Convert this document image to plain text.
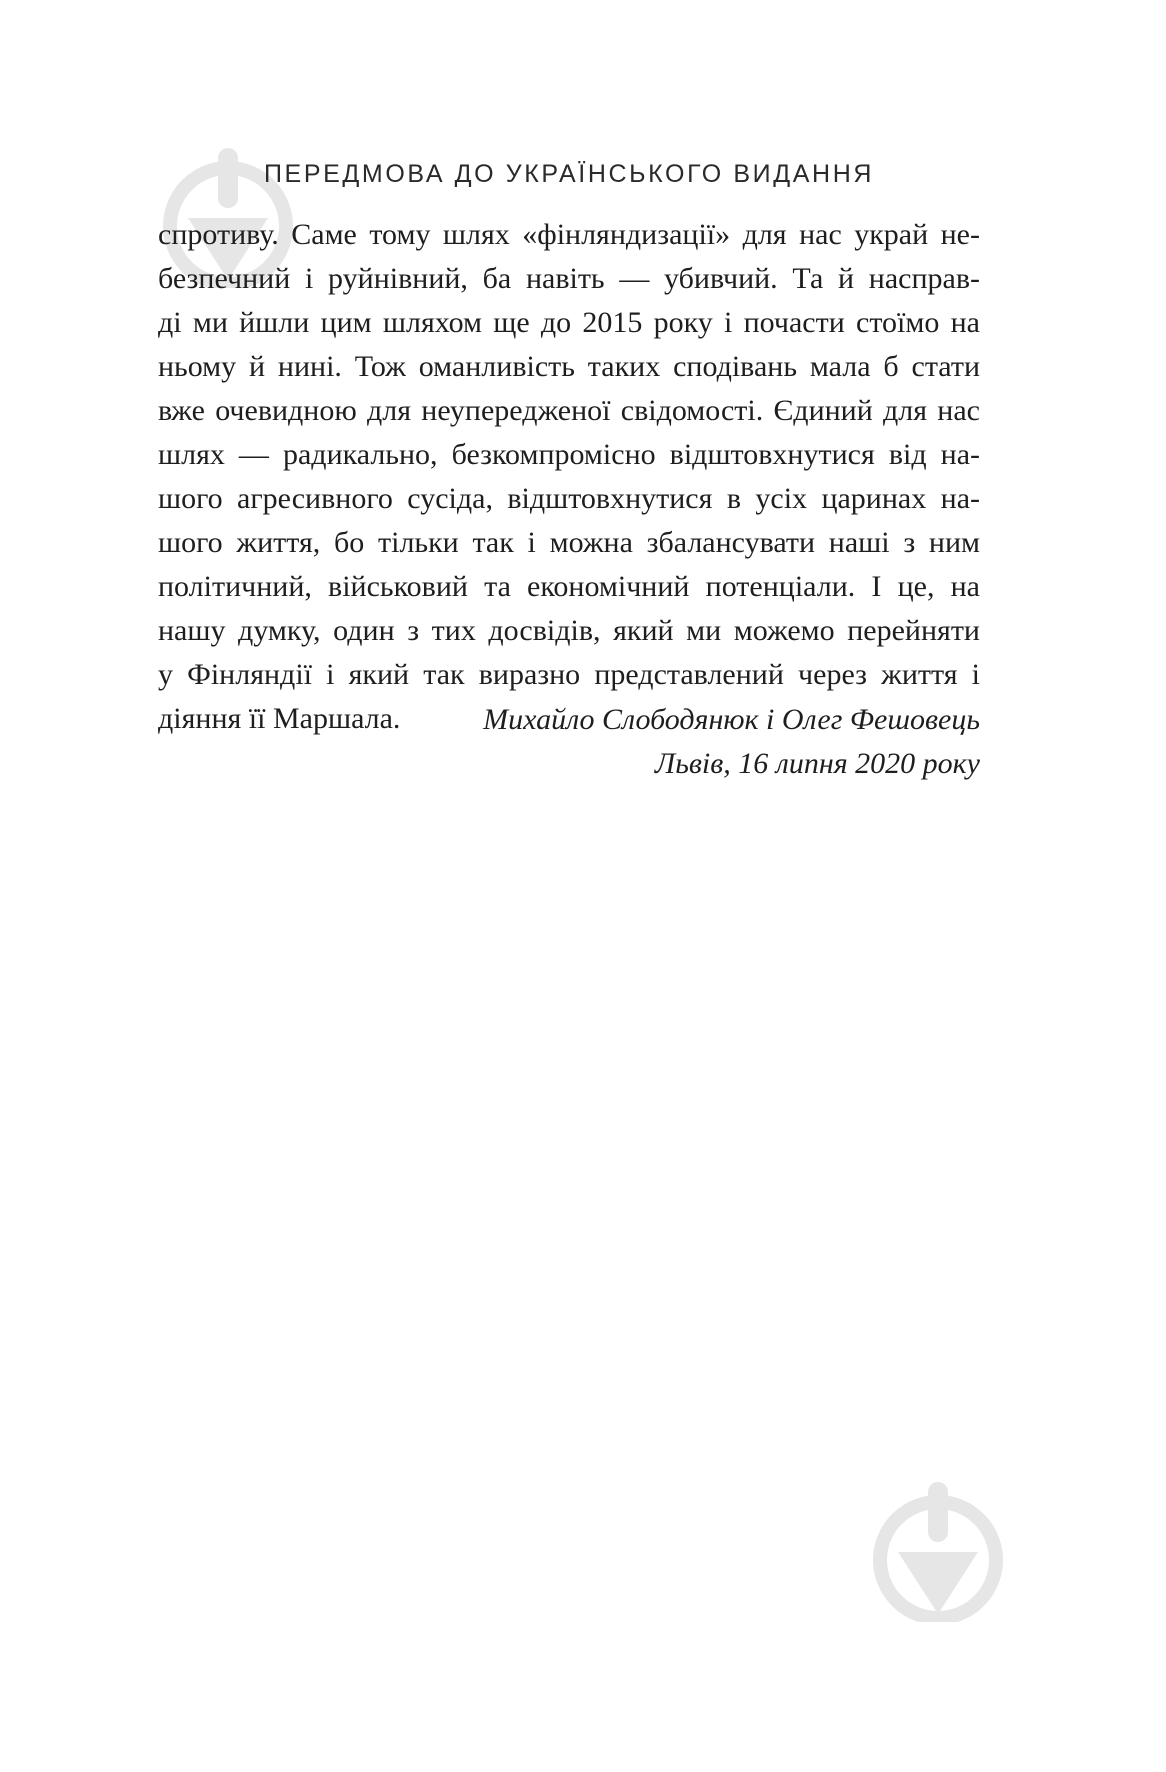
ПЕРЕДМОВА ДО УКРАЇНСЬКОГО ВИДАННЯ
спротиву. Саме тому шлях «фінляндизації» для нас украй не-
безпечний і руйнівний, ба навіть — убивчий. Та й насправ-
ді ми йшли цим шляхом ще до 2015 року і почасти стоїмо на
ньому й нині. Тож оманливість таких сподівань мала б стати
вже очевидною для неупередженої свідомості. Єдиний для нас
шлях — радикально, безкомпромісно відштовхнутися від на-
шого агресивного сусіда, відштовхнутися в усіх царинах на-
шого життя, бо тільки так і можна збалансувати наші з ним
політичний, військовий та економічний потенціали. І це, на
нашу думку, один з тих досвідів, який ми можемо перейняти
у Фінляндії і який так виразно представлений через життя і
діяння її Маршала.	Михайло Слободянюк і Олег Фешовець
Львів, 16 липня 2020 року
